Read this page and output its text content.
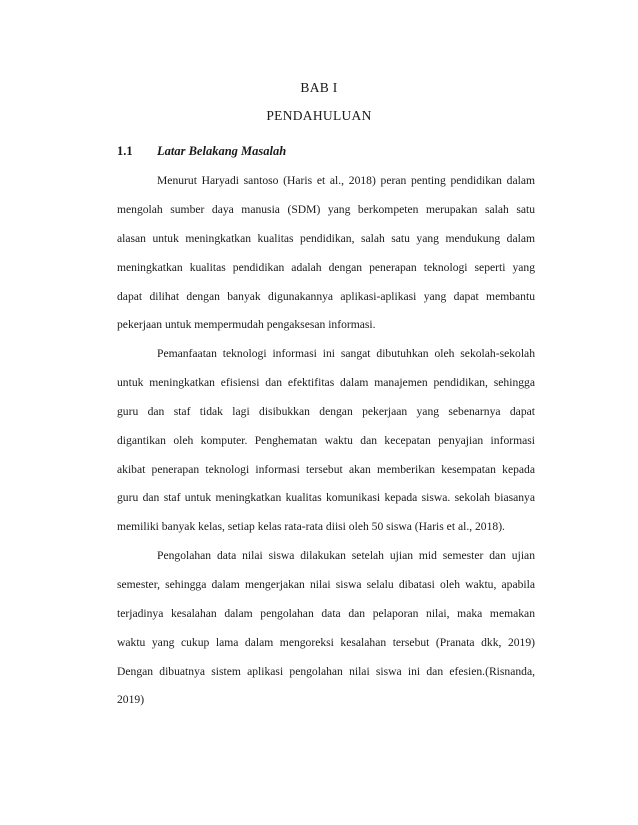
BAB I
PENDAHULUAN
1.1 Latar Belakang Masalah
Menurut Haryadi santoso (Haris et al., 2018) peran penting pendidikan dalam
mengolah sumber daya manusia (SDM) yang berkompeten merupakan salah satu
alasan untuk meningkatkan kualitas pendidikan, salah satu yang mendukung dalam
meningkatkan kualitas pendidikan adalah dengan penerapan teknologi seperti yang
dapat dilihat dengan banyak digunakannya aplikasi-aplikasi yang dapat membantu
pekerjaan untuk mempermudah pengaksesan informasi.
Pemanfaatan teknologi informasi ini sangat dibutuhkan oleh sekolah-sekolah
untuk meningkatkan efisiensi dan efektifitas dalam manajemen pendidikan, sehingga
guru dan staf tidak lagi disibukkan dengan pekerjaan yang sebenarnya dapat
digantikan oleh komputer. Penghematan waktu dan kecepatan penyajian informasi
akibat penerapan teknologi informasi tersebut akan memberikan kesempatan kepada
guru dan staf untuk meningkatkan kualitas komunikasi kepada siswa. sekolah biasanya
memiliki banyak kelas, setiap kelas rata-rata diisi oleh 50 siswa (Haris et al., 2018).
Pengolahan data nilai siswa dilakukan setelah ujian mid semester dan ujian
semester, sehingga dalam mengerjakan nilai siswa selalu dibatasi oleh waktu, apabila
terjadinya kesalahan dalam pengolahan data dan pelaporan nilai, maka memakan
waktu yang cukup lama dalam mengoreksi kesalahan tersebut (Pranata dkk, 2019)
Dengan dibuatnya sistem aplikasi pengolahan nilai siswa ini dan efesien.(Risnanda,
2019)
